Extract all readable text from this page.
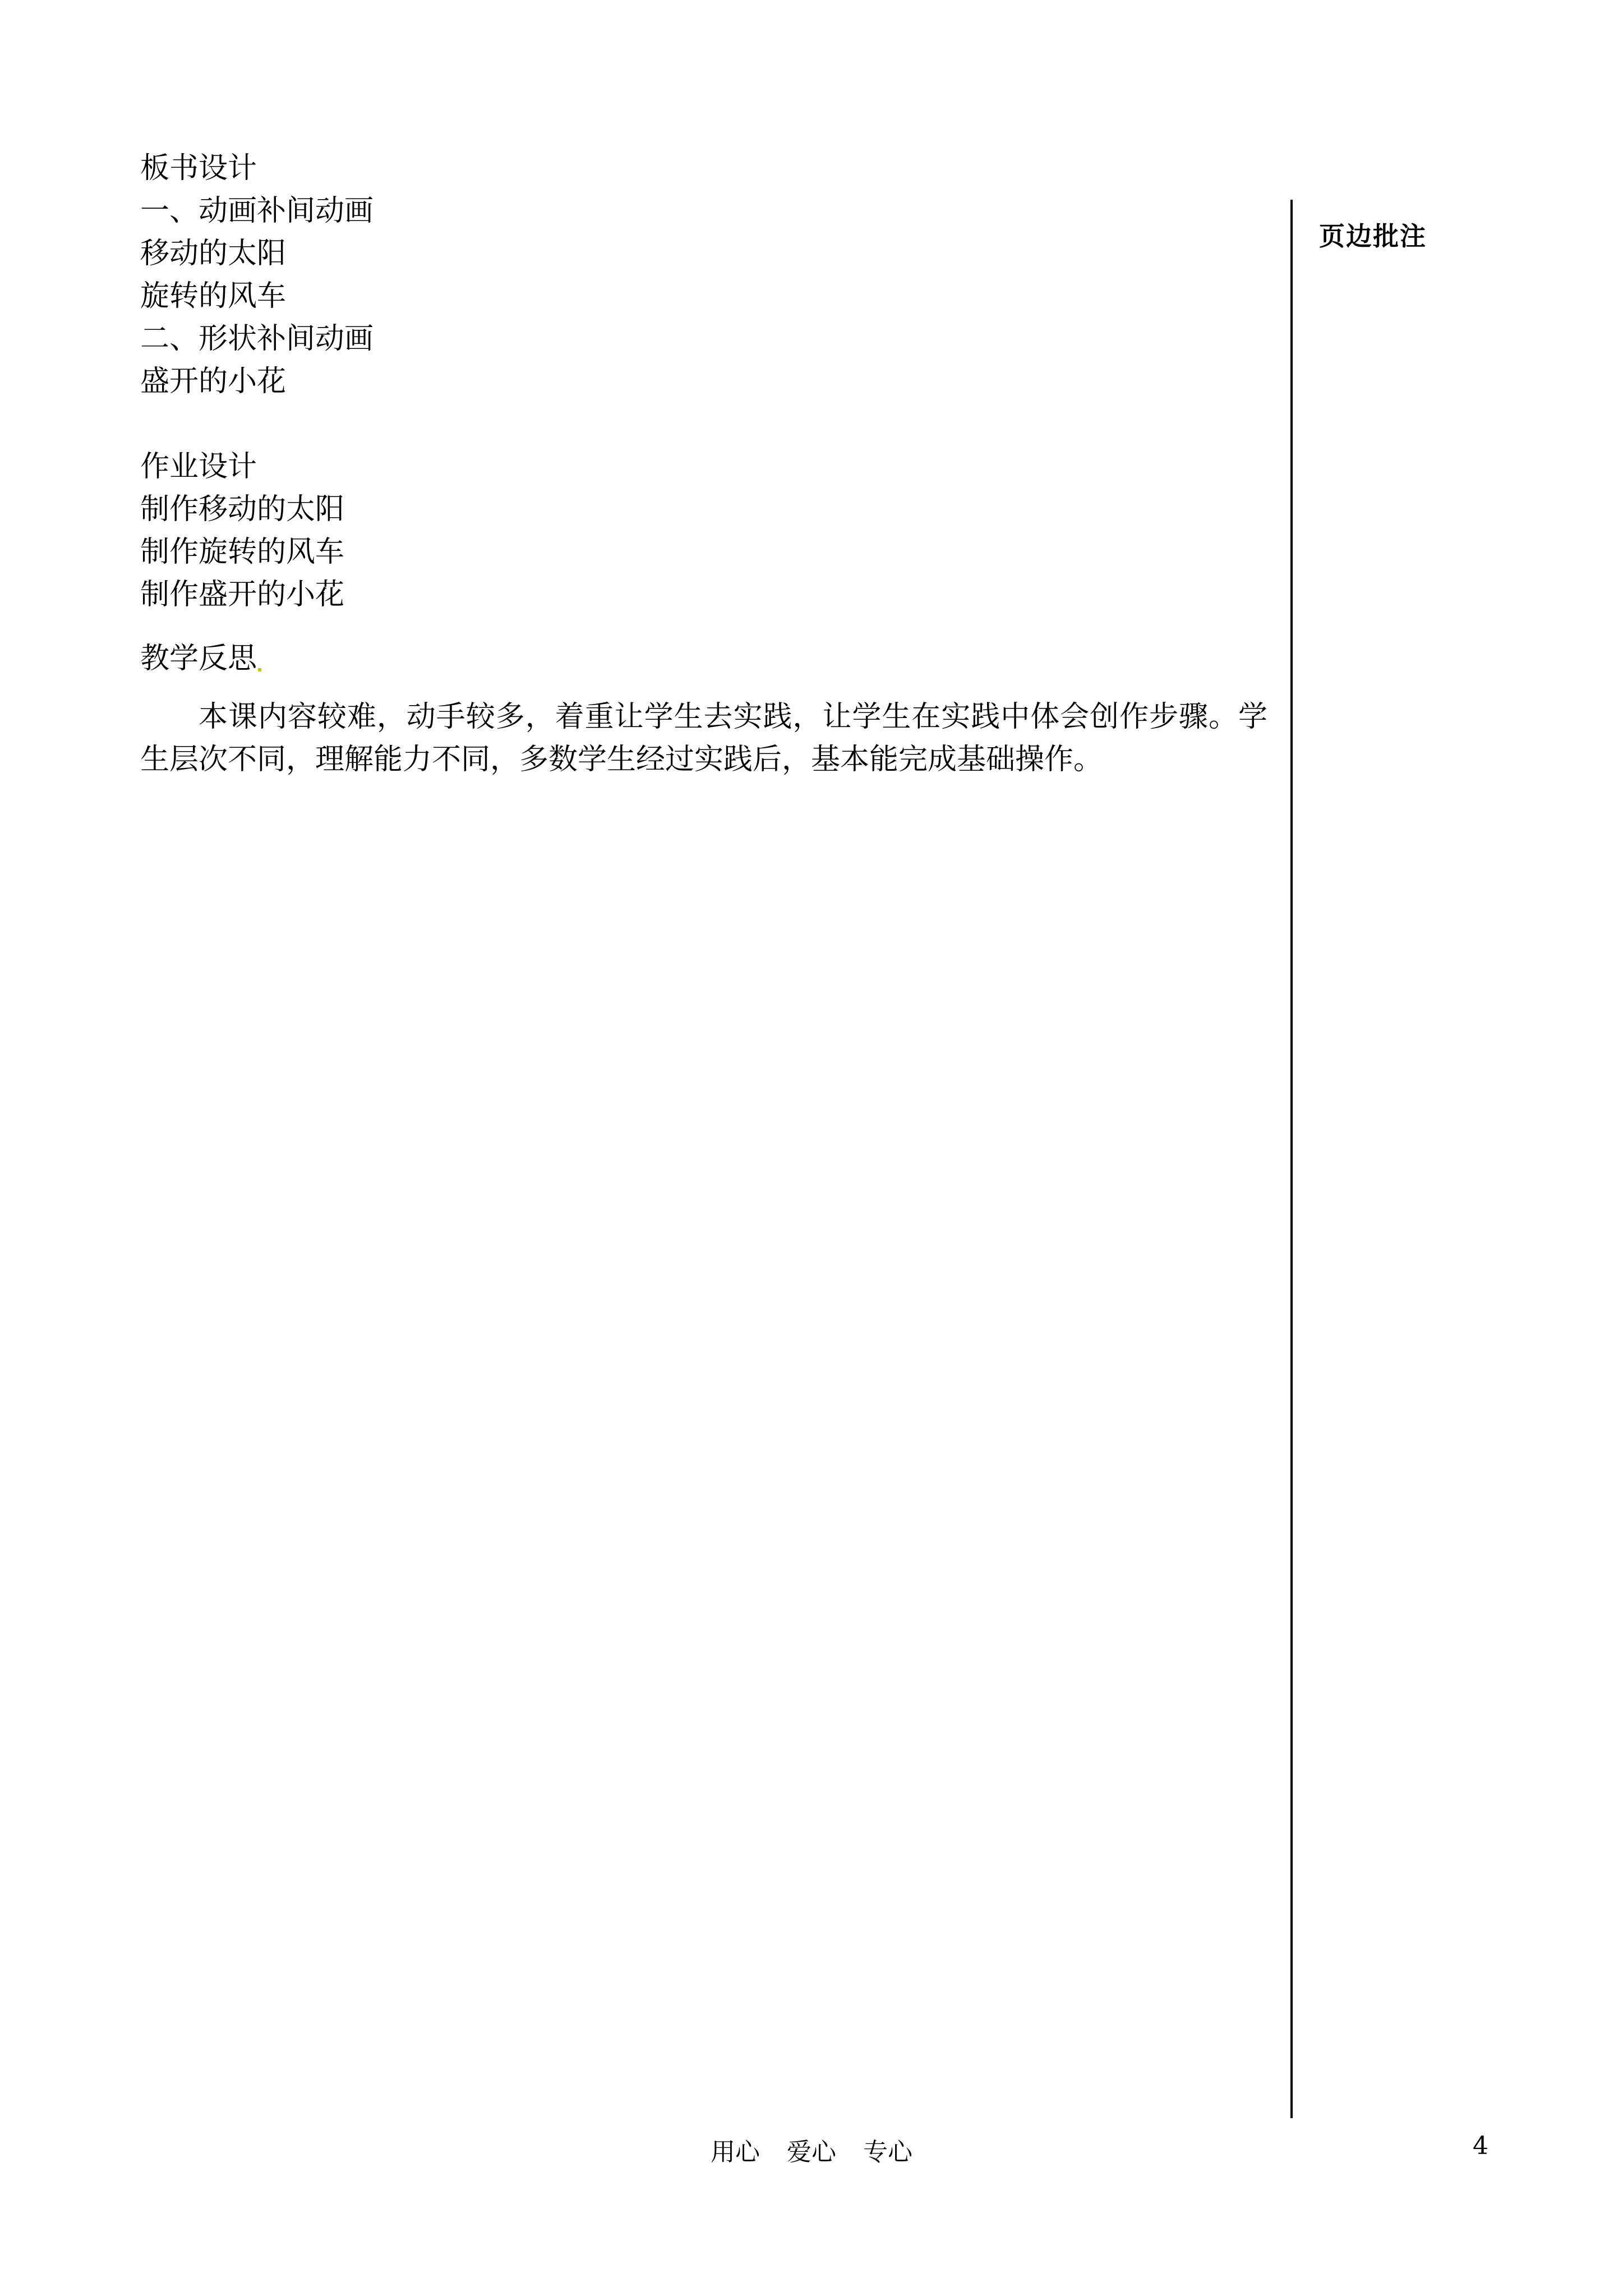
板书设计
一、动画补间动画
移动的太阳
旋转的风车
二、形状补间动画
盛开的小花
作业设计
制作移动的太阳
制作旋转的风车
制作盛开的小花
教学反思
本课内容较难，动手较多，着重让学生去实践，让学生在实践中体会创作步骤。学生层次不同，理解能力不同，多数学生经过实践后，基本能完成基础操作。
页边批注
用心 爱心 专心	4
